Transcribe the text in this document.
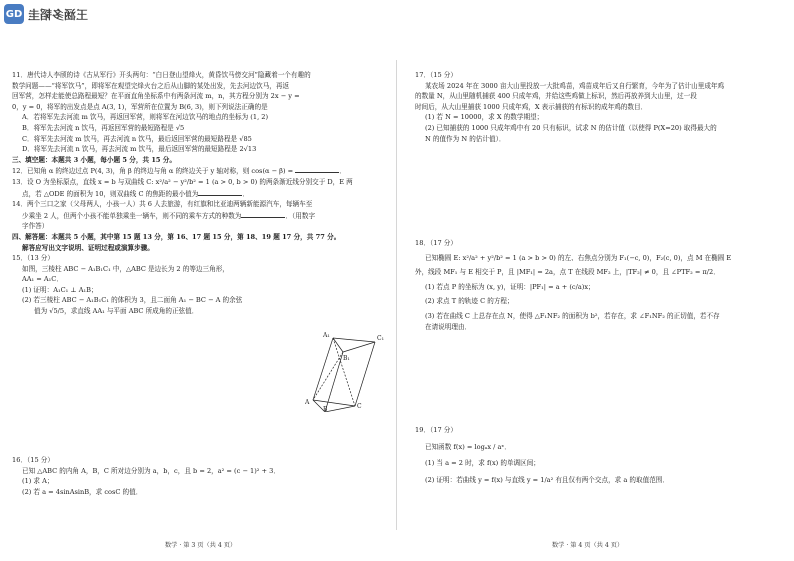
GD 王涵多韬圭

11．唐代诗人李颀的诗《古从军行》开头两句：“白日登山望烽火，黄昏饮马傍交河”隐藏着一个有趣的

数学问题——“将军饮马”，即将军在观望完烽火台之后从山脚的某处出发，先去河边饮马，再返

回军营，怎样走能使总路程最短？在平面直角坐标系中有两条河流 m，n，其方程分别为 2x − y =

0，y = 0，将军的出发点是点 A(3, 1)，军营所在位置为 B(6, 3)，则下列说法正确的是

A．若将军先去河流 m 饮马，再返回军营，则将军在河边饮马的地点的坐标为 (1, 2)

B．将军先去河流 n 饮马，再返回军营的最短路程是 √5

C．将军先去河流 m 饮马，再去河流 n 饮马，最后返回军营的最短路程是 √85

D．将军先去河流 n 饮马，再去河流 m 饮马，最后返回军营的最短路程是 2√13

三、填空题：本题共 3 小题，每小题 5 分，共 15 分。

12．已知角 α 的终边过点 P(4, 3)，角 β 的终边与角 α 的终边关于 y 轴对称，则 cos(α − β) =	．

13．设 O 为坐标原点，直线 x = b 与双曲线 C: x²/a² − y²/b² = 1 (a > 0, b > 0) 的两条渐近线分别交于 D，E 两

点，若 △ODE 的面积为 10，则双曲线 C 的焦距的最小值为	．

14．两个三口之家（父母两人，小孩一人）共 6 人去旅游，有红旗和比亚迪两辆新能源汽车，每辆车至

少乘坐 2 人，但两个小孩不能单独乘坐一辆车，则不同的乘车方式的种数为	．（用数字

字作答）

四、解答题：本题共 5 小题，其中第 15 题 13 分，第 16、17 题 15 分，第 18、19 题 17 分，共 77 分。

解答应写出文字说明、证明过程或演算步骤。

15．（13 分）

如图，三棱柱 ABC − A₁B₁C₁ 中，△ABC 是边长为 2 的等边三角形，

AA₁ = A₁C．

(1) 证明：A₁C₁ ⊥ A₁B；

(2) 若三棱柱 ABC − A₁B₁C₁ 的体积为 3，且二面角 A₁ − BC − A 的余弦

值为 √5/5，求直线 AA₁ 与平面 ABC 所成角的正弦值．

A₁
B₁
C₁
A
B	C

16．（15 分）

已知 △ABC 的内角 A，B，C 所对边分别为 a，b，c，且 b = 2，a² = (c − 1)² + 3．

(1) 求 A；

(2) 若 a = 4sinAsinB，求 cosC 的值．

数学 · 第 3 页（共 4 页）

17．（15 分）

某农场 2024 年在 3000 亩大山里投放一大批鸡苗，鸡苗成年后又自行繁育，今年为了估计山里成年鸡

的数量 N，从山里随机捕获 400 只成年鸡，并给这些鸡做上标识，然后再放养到大山里，过一段

时间后，从大山里捕获 1000 只成年鸡，X 表示捕获的有标识的成年鸡的数目．

(1) 若 N = 10000，求 X 的数学期望；

(2) 已知捕获的 1000 只成年鸡中有 20 只有标识，试求 N 的估计值（以使得 P(X=20) 取得最大的

N 的值作为 N 的估计值）．

18．（17 分）

已知椭圆 E: x²/a² + y²/b² = 1 (a > b > 0) 的左、右焦点分别为 F₁(−c, 0)，F₂(c, 0)，点 M 在椭圆 E

外，线段 MF₁ 与 E 相交于 P，且 |MF₁| = 2a，点 T 在线段 MF₂ 上，|TF₂| ≠ 0，且 ∠PTF₂ = π/2．

(1) 若点 P 的坐标为 (x, y)，证明：|PF₁| = a + (c/a)x；

(2) 求点 T 的轨迹 C 的方程；

(3) 若在曲线 C 上总存在点 N，使得 △F₁NF₂ 的面积为 b²，若存在，求 ∠F₁NF₂ 的正切值，若不存

在请说明理由．

19．（17 分）

已知函数 f(x) = logₐx / aˣ．

(1) 当 a = 2 时，求 f(x) 的单调区间；

(2) 证明：若曲线 y = f(x) 与直线 y = 1/a² 有且仅有两个交点，求 a 的取值范围．

数学 · 第 4 页（共 4 页）
